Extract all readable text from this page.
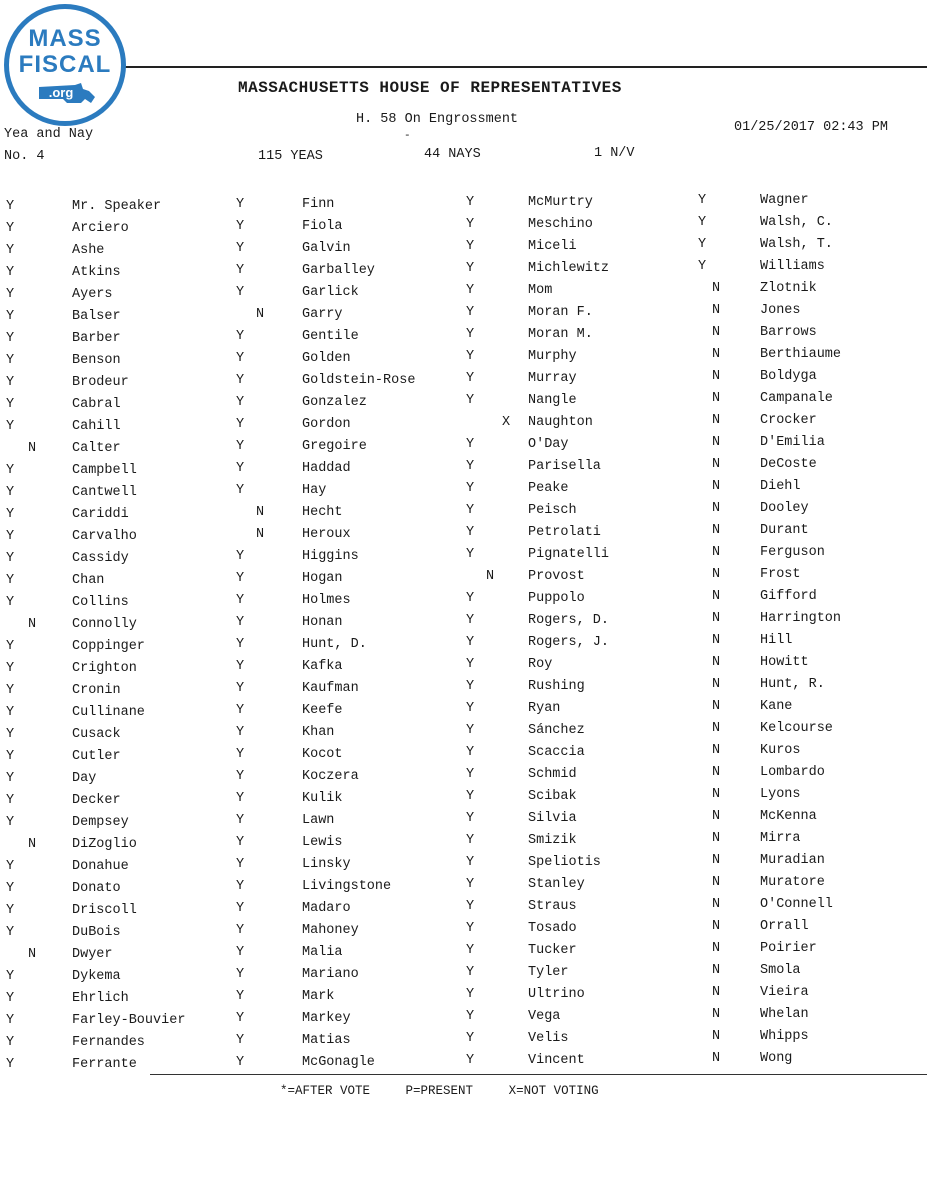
MASS
FISCAL
.org	MASSACHUSETTS HOUSE OF REPRESENTATIVES
H. 58 On Engrossment
-
01/25/2017 02:43 PM
Yea and Nay
No. 4	115 YEAS	44 NAYS	1 N/V
Y	Mr. Speaker
Y	Arciero
Y	Ashe
Y	Atkins
Y	Ayers
Y	Balser
Y	Barber
Y	Benson
Y	Brodeur
Y	Cabral
Y	Cahill
N	Calter
Y	Campbell
Y	Cantwell
Y	Cariddi
Y	Carvalho
Y	Cassidy
Y	Chan
Y	Collins
N	Connolly
Y	Coppinger
Y	Crighton
Y	Cronin
Y	Cullinane
Y	Cusack
Y	Cutler
Y	Day
Y	Decker
Y	Dempsey
N	DiZoglio
Y	Donahue
Y	Donato
Y	Driscoll
Y	DuBois
N	Dwyer
Y	Dykema
Y	Ehrlich
Y	Farley-Bouvier
Y	Fernandes
Y	Ferrante
Y	Finn
Y	Fiola
Y	Galvin
Y	Garballey
Y	Garlick
N	Garry
Y	Gentile
Y	Golden
Y	Goldstein-Rose
Y	Gonzalez
Y	Gordon
Y	Gregoire
Y	Haddad
Y	Hay
N	Hecht
N	Heroux
Y	Higgins
Y	Hogan
Y	Holmes
Y	Honan
Y	Hunt, D.
Y	Kafka
Y	Kaufman
Y	Keefe
Y	Khan
Y	Kocot
Y	Koczera
Y	Kulik
Y	Lawn
Y	Lewis
Y	Linsky
Y	Livingstone
Y	Madaro
Y	Mahoney
Y	Malia
Y	Mariano
Y	Mark
Y	Markey
Y	Matias
Y	McGonagle
Y	McMurtry
Y	Meschino
Y	Miceli
Y	Michlewitz
Y	Mom
Y	Moran F.
Y	Moran M.
Y	Murphy
Y	Murray
Y	Nangle
X Naughton
Y	O'Day
Y	Parisella
Y	Peake
Y	Peisch
Y	Petrolati
Y	Pignatelli
N	Provost
Y	Puppolo
Y	Rogers, D.
Y	Rogers, J.
Y	Roy
Y	Rushing
Y	Ryan
Y	Sánchez
Y	Scaccia
Y	Schmid
Y	Scibak
Y	Silvia
Y	Smizik
Y	Speliotis
Y	Stanley
Y	Straus
Y	Tosado
Y	Tucker
Y	Tyler
Y	Ultrino
Y	Vega
Y	Velis
Y	Vincent
Y	Wagner
Y	Walsh, C.
Y	Walsh, T.
Y	Williams
N	Zlotnik
N	Jones
N	Barrows
N	Berthiaume
N	Boldyga
N	Campanale
N	Crocker
N	D'Emilia
N	DeCoste
N	Diehl
N	Dooley
N	Durant
N	Ferguson
N	Frost
N	Gifford
N	Harrington
N	Hill
N	Howitt
N	Hunt, R.
N	Kane
N	Kelcourse
N	Kuros
N	Lombardo
N	Lyons
N	McKenna
N	Mirra
N	Muradian
N	Muratore
N	O'Connell
N	Orrall
N	Poirier
N	Smola
N	Vieira
N	Whelan
N	Whipps
N	Wong
*=AFTER VOTE	P=PRESENT	X=NOT VOTING
